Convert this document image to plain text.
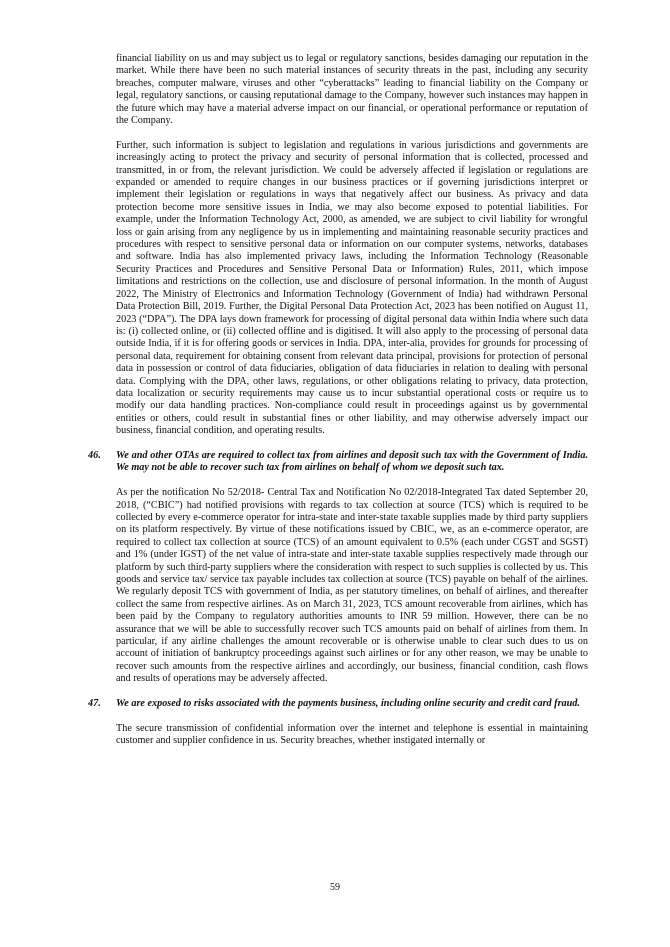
financial liability on us and may subject us to legal or regulatory sanctions, besides damaging our reputation in the market. While there have been no such material instances of security threats in the past, including any security breaches, computer malware, viruses and other “cyberattacks” leading to financial liability on the Company or legal, regulatory sanctions, or causing reputational damage to the Company, however such instances may happen in the future which may have a material adverse impact on our financial, or operational performance or reputation of the Company.

Further, such information is subject to legislation and regulations in various jurisdictions and governments are increasingly acting to protect the privacy and security of personal information that is collected, processed and transmitted, in or from, the relevant jurisdiction. We could be adversely affected if legislation or regulations are expanded or amended to require changes in our business practices or if governing jurisdictions interpret or implement their legislation or regulations in ways that negatively affect our business. As privacy and data protection become more sensitive issues in India, we may also become exposed to potential liabilities. For example, under the Information Technology Act, 2000, as amended, we are subject to civil liability for wrongful loss or gain arising from any negligence by us in implementing and maintaining reasonable security practices and procedures with respect to sensitive personal data or information on our computer systems, networks, databases and software. India has also implemented privacy laws, including the Information Technology (Reasonable Security Practices and Procedures and Sensitive Personal Data or Information) Rules, 2011, which impose limitations and restrictions on the collection, use and disclosure of personal information. In the month of August 2022, The Ministry of Electronics and Information Technology (Government of India) had withdrawn Personal Data Protection Bill, 2019. Further, the Digital Personal Data Protection Act, 2023 has been notified on August 11, 2023 (“DPA”). The DPA lays down framework for processing of digital personal data within India where such data is: (i) collected online, or (ii) collected offline and is digitised. It will also apply to the processing of personal data outside India, if it is for offering goods or services in India. DPA, inter-alia, provides for grounds for processing of personal data, requirement for obtaining consent from relevant data principal, provisions for protection of personal data in possession or control of data fiduciaries, obligation of data fiduciaries in relation to dealing with personal data. Complying with the DPA, other laws, regulations, or other obligations relating to privacy, data protection, data localization or security requirements may cause us to incur substantial operational costs or require us to modify our data handling practices. Non-compliance could result in proceedings against us by governmental entities or others, could result in substantial fines or other liability, and may otherwise adversely impact our business, financial condition, and operating results.

46. We and other OTAs are required to collect tax from airlines and deposit such tax with the Government of India. We may not be able to recover such tax from airlines on behalf of whom we deposit such tax.

As per the notification No 52/2018- Central Tax and Notification No 02/2018-Integrated Tax dated September 20, 2018, (“CBIC”) had notified provisions with regards to tax collection at source (TCS) which is required to be collected by every e-commerce operator for intra-state and inter-state taxable supplies made by third party suppliers on its platform respectively. By virtue of these notifications issued by CBIC, we, as an e-commerce operator, are required to collect tax collection at source (TCS) of an amount equivalent to 0.5% (each under CGST and SGST) and 1% (under IGST) of the net value of intra-state and inter-state taxable supplies respectively made through our platform by such third-party suppliers where the consideration with respect to such supplies is collected by us. This goods and service tax/ service tax payable includes tax collection at source (TCS) payable on behalf of the airlines. We regularly deposit TCS with government of India, as per statutory timelines, on behalf of airlines, and thereafter collect the same from respective airlines. As on March 31, 2023, TCS amount recoverable from airlines, which has been paid by the Company to regulatory authorities amounts to INR 59 million. However, there can be no assurance that we will be able to successfully recover such TCS amounts paid on behalf of airlines from them. In particular, if any airline challenges the amount recoverable or is otherwise unable to clear such dues to us on account of initiation of bankruptcy proceedings against such airlines or for any other reason, we may be unable to recover such amounts from the respective airlines and accordingly, our business, financial condition, cash flows and results of operations may be adversely affected.

47. We are exposed to risks associated with the payments business, including online security and credit card fraud.

The secure transmission of confidential information over the internet and telephone is essential in maintaining customer and supplier confidence in us. Security breaches, whether instigated internally or

59
